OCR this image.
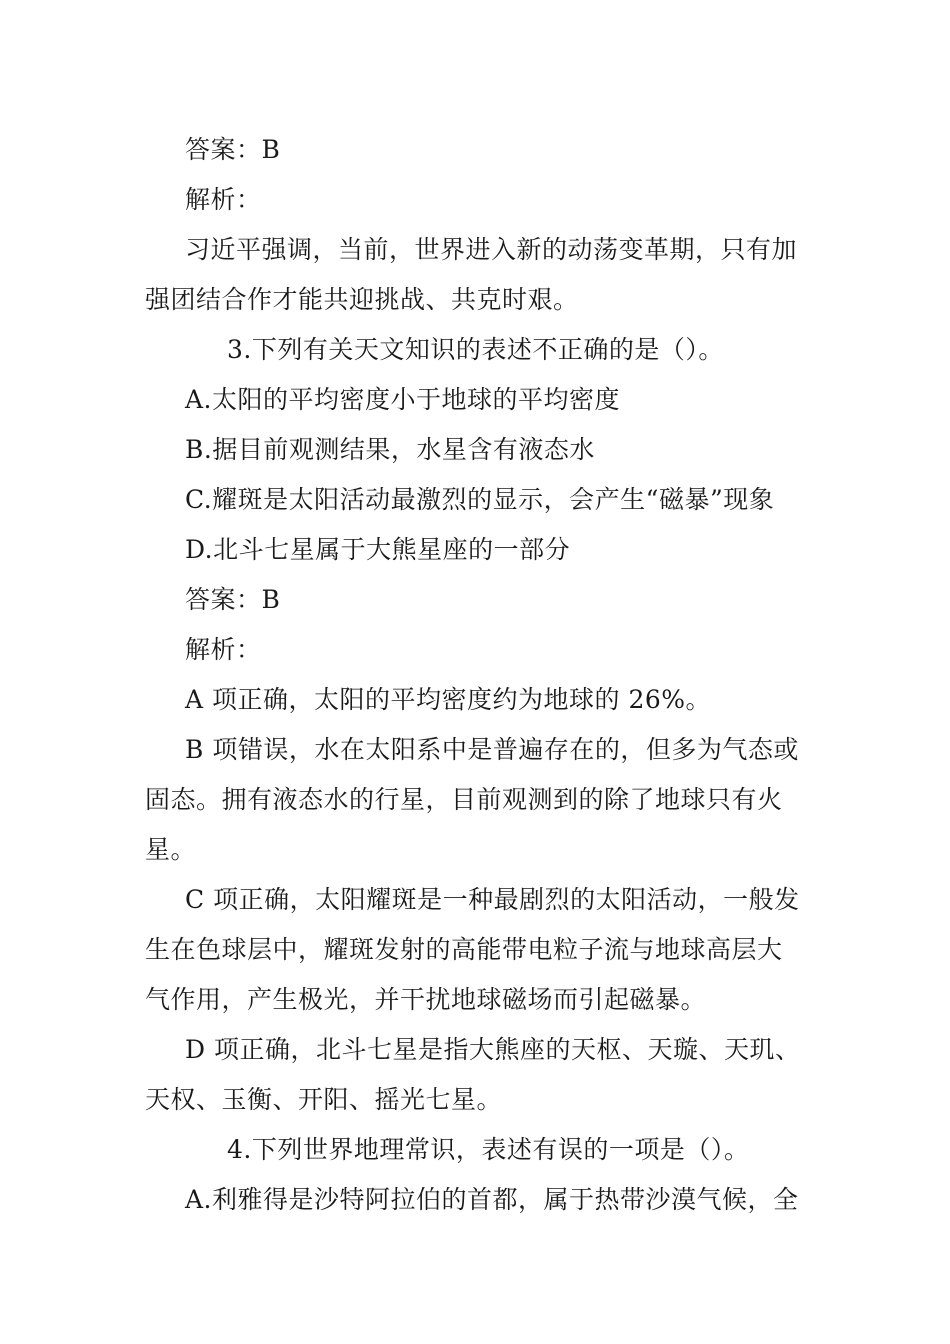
答案：B
解析：
习近平强调，当前，世界进入新的动荡变革期，只有加
强团结合作才能共迎挑战、共克时艰。
3.下列有关天文知识的表述不正确的是（）。
A.太阳的平均密度小于地球的平均密度
B.据目前观测结果，水星含有液态水
C.耀斑是太阳活动最激烈的显示，会产生“磁暴”现象
D.北斗七星属于大熊星座的一部分
答案：B
解析：
A 项正确，太阳的平均密度约为地球的 26%。
B 项错误，水在太阳系中是普遍存在的，但多为气态或
固态。拥有液态水的行星，目前观测到的除了地球只有火
星。
C 项正确，太阳耀斑是一种最剧烈的太阳活动，一般发
生在色球层中，耀斑发射的高能带电粒子流与地球高层大
气作用，产生极光，并干扰地球磁场而引起磁暴。
D 项正确，北斗七星是指大熊座的天枢、天璇、天玑、
天权、玉衡、开阳、摇光七星。
4.下列世界地理常识，表述有误的一项是（）。
A.利雅得是沙特阿拉伯的首都，属于热带沙漠气候，全
